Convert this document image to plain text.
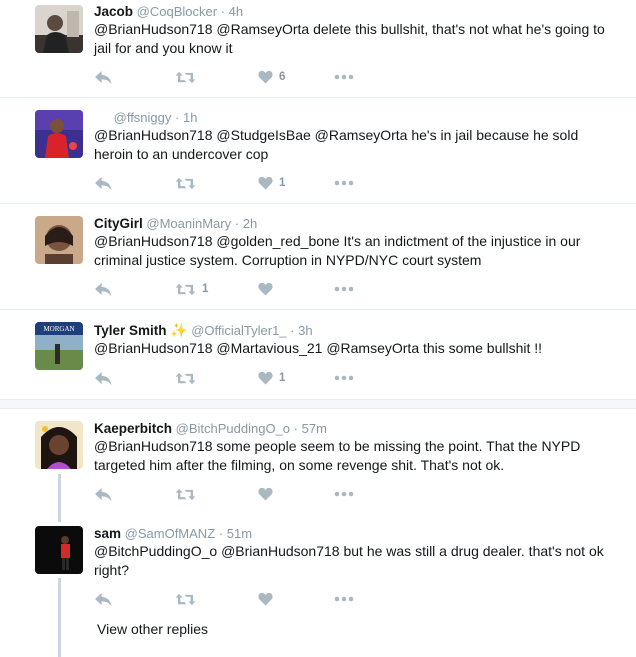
Jacob @CoqBlocker · 4h
@BrianHudson718 @RamseyOrta delete this bullshit, that's not what he's going to jail for and you know it
6
@ffsniggy · 1h
@BrianHudson718 @StudgeIsBae @RamseyOrta he's in jail because he sold heroin to an undercover cop
1
CityGirl @MoaninMary · 2h
@BrianHudson718 @golden_red_bone It's an indictment of the injustice in our criminal justice system. Corruption in NYPD/NYC court system
1
MORGAN Tyler Smith ✨ @OfficialTyler1_ · 3h
@BrianHudson718 @Martavious_21 @RamseyOrta this some bullshit !!
1
Kaeperbitch @BitchPuddingO_o · 57m
@BrianHudson718 some people seem to be missing the point. That the NYPD targeted him after the filming, on some revenge shit. That's not ok.
sam @SamOfMANZ · 51m
@BitchPuddingO_o @BrianHudson718 but he was still a drug dealer. that's not ok right?
View other replies
